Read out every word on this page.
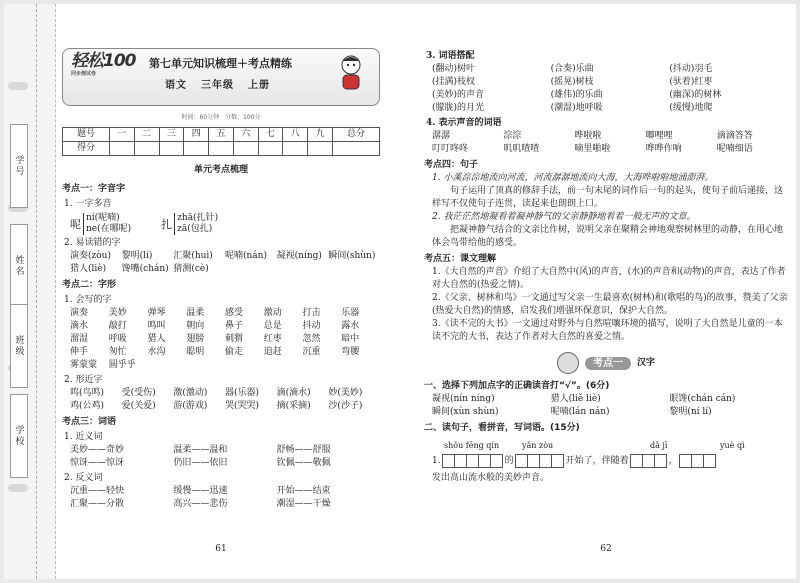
学号
姓名
班级
学校
轻松100
同步测试卷
第七单元知识梳理＋考点精练
语文 三年级 上册
时间：60分钟　分数：100分
题号	一	二	三	四	五	六	七	八	九	总分
得分										
单元考点梳理
考点一：字音字
1. 一字多音
呢 ní(呢喃)
ne(在哪呢)	扎 zhā(扎针)
zā(包扎)
2. 易读错的字
演奏(zòu)	黎明(lí)	汇聚(huì)	呢喃(nán)	凝视(níng) 瞬间(shùn)
猎人(liè)	馋嘴(chán) 猜测(cè)
考点二：字形
1. 会写的字
演奏	美妙	弹琴	温柔	感受	激动	打击	乐器
滴水	敲打	鸣叫	朝向	鼻子	总是	抖动	露水
溜湿	呼吸	猎人	翅膀	刺猬	红枣	忽然	暗中
伸手	匆忙	水沟	聪明	偷走	追赶	沉重	弯腰
雾蒙蒙	圆乎乎
2. 形近字
鸣(鸟鸣)	受(受伤)	激(激动)	器(乐器)	滴(滴水)	妙(美妙)
鸡(公鸡)	爱(关爱)	游(游戏)	哭(哭哭)	摘(采摘)	沙(沙子)
考点三：词语
1. 近义词
美妙——奇妙	温柔——温和	舒畅——舒服
惊讶——惊讶	仍旧——依旧	钦佩——敬佩
2. 反义词
沉重——轻快	缓慢——迅速	开始——结束
汇聚——分散	高兴——悲伤	潮湿——干燥
61
3. 词语搭配
(翻动)树叶	(合奏)乐曲	(抖动)羽毛
(挂满)枝杈	(摇晃)树枝	(驮着)红枣
(美妙)的声音	(雄伟)的乐曲	(幽深)的树林
(朦胧)的月光	(潮湿)地呼吸	(缓慢)地爬
4. 表示声音的词语
潺潺	淙淙	哗啦啦	唧哩哩	滴滴答答
叮叮咚咚	叽叽喳喳	嘀里啪啦	哗哗作响	呢喃细语
考点四：句子
1. 小溪淙淙地流向河流，河流潺潺地流向大海，大海哗啦啦地涌澎湃。
句子运用了顶真的修辞手法，前一句末尾的词作后一句的起头，使句子前后递接，这样写不仅使句子连贯，读起来也朗朗上口。
2. 我茫茫然地凝看着凝神静气的父亲静静地看着一般无声的文章。
把凝神静气结合的文亲比作树，说明父亲在聚精会神地观察树林里的动静，在用心地体会鸟带给他的感受。
考点五：课文理解
1.《大自然的声音》介绍了大自然中(风)的声音，(水)的声音和(动物)的声音，表达了作者对大自然的(热爱之情)。
2.《父亲、树林和鸟》一文通过写父亲一生最喜欢(树林)和(歌唱的鸟)的故事，赞美了父亲(热爱大自然)的情感，启发我们增强环保意识，保护大自然。
3.《读不完的大书》一文通过对野外与自然喧嚷环境的描写，说明了大自然是儿童的一本读不完的大书，表达了作者对大自然的喜爱之情。
考点一	汉字
一、选择下列加点字的正确读音打“√”。(6分)
凝视(nín níng)	猎人(liě liè)	眼馋(chán cán)
瞬间(xùn shùn)	呢喃(lán nán)	黎明(ní lí)
二、读句子，看拼音，写词语。(15分)
shǒu fēng qín	yǎn zòu	dǎ jī	yuè qì
1.	的	开始了，伴随着	，
发出高山流水般的美妙声音。
62
